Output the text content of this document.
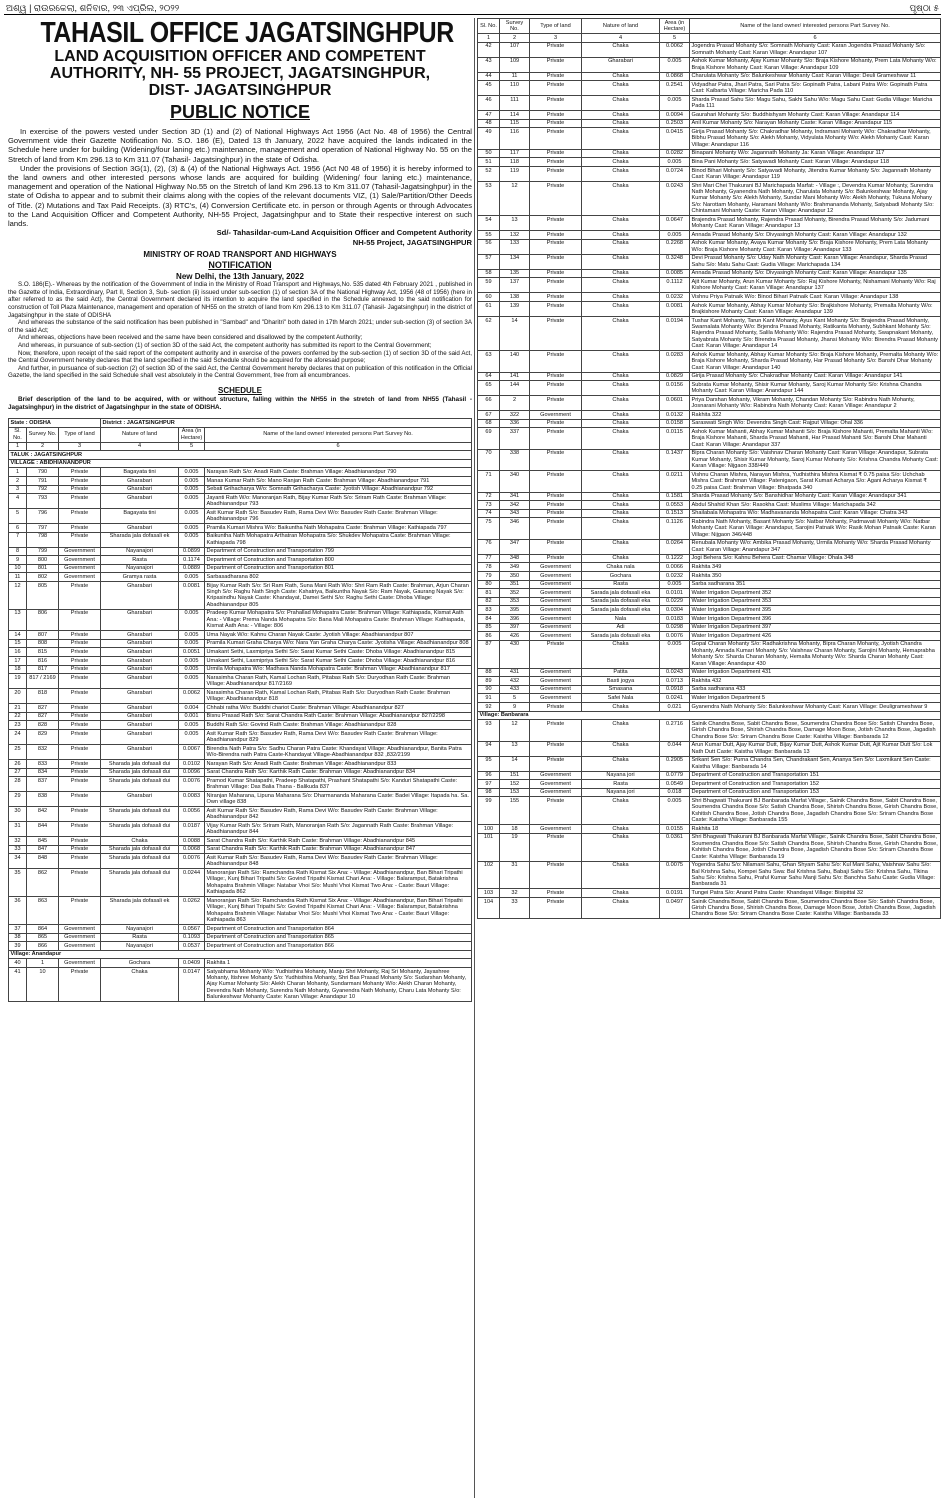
ଅଶ୍ୱ | ରାଉରକେଲା, ଶନିବାର, ୨୩ ଏପ୍ରିଲ, ୨୦୨୨	ପୃଷ୍ଠା ୫
TAHASIL OFFICE JAGATSINGHPUR
LAND ACQUISITION OFFICER AND COMPETENT
AUTHORITY, NH- 55 PROJECT, JAGATSINGHPUR,
DIST- JAGATSINGHPUR
PUBLIC NOTICE

In exercise of the powers vested under Section 3D (1) and (2) of National Highways Act 1956 (Act No. 48 of 1956) the Central Government vide their Gazette Notification No. S.O. 186 (E), Dated 13 th January, 2022 have acquired the lands indicated in the Schedule here under for building (Widening/four laning etc.) maintenance, management and operation of National Highway No. 55 on the Stretch of land from Km 296.13 to Km 311.07 (Tahasil- Jagatsinghpur) in the state of Odisha.

Under the provisions of Section 3G(1), (2), (3) & (4) of the National Highways Act. 1956 (Act N0 48 of 1956) it is hereby informed to the land owners and other interested persons whose lands are acquired for building (Widening/ four laning etc.) maintenance, management and operation of the National Highway No.55 on the Stretch of land Km 296.13 to Km 311.07 (Tahasil-Jagatsinghpur) in the state of Odisha to appear and to submit their claims along with the copies of the relevant documents VIZ, (1) Sale/Partition/Other Deeds of Title. (2) Mutations and Tax Paid Receipts. (3) RTC's, (4) Conversion Certificate etc. in person or through Agents or through Advocates to the Land Acquisition Officer and Competent Authority, NH-55 Project, Jagatsinghpur and to State their respective interest on such lands.

Sd/- Tahasildar-cum-Land Acquisition Officer and Competent Authority

NH-55 Project, JAGATSINGHPUR

MINISTRY OF ROAD TRANSPORT AND HIGHWAYS
NOTIFICATION
New Delhi, the 13th January, 2022

S.O. 186(E).- Whereas by the notification of the Government of India in the Ministry of Road Transport and Highways,No. 535 dated 4th February 2021 , published in the Gazette of India, Extraordinary, Part II, Section 3, Sub- section (ii) issued under sub-section (1) of section 3A of the National Highway Act, 1956 (48 of 1956) (here in after referred to as the said Act), the Central Government declared its intention to acquire the land specified in the Schedule annexed to the said notification for construction of Toll Plaza Maintenance, management and operation of NH55 on the stretch of land from Km 296.13 to Km 311.07 (Tahasil- Jagatsinghpur) in the district of Jagatsinghpur in the state of ODISHA

And whereas the substance of the said notification has been published in "Sambad" and "Dharitri" both dated in 17th March 2021; under sub-section (3) of section 3A of the said Act;

And whereas, objections have been received and the same have been considered and disallowed by the competent Authority;

And whereas, in pursuance of sub-section (1) of section 3D of the said Act, the competent authority has submitted its report to the Central Government;

Now, therefore, upon receipt of the said report of the competent authority and in exercise of the powers conferred by the sub-section (1) of section 3D of the said Act, the Central Government hereby declares that the land specified in the said Schedule should be acquired for the aforesaid purpose;

And further, in pursuance of sub-section (2) of section 3D of the said Act, the Central Government hereby declares that on publication of this notification in the Official Gazette, the land specified in the said Schedule shall vest absolutely in the Central Government, free from all encumbrances.

SCHEDULE

Brief description of the land to be acquired, with or without structure, falling within the NH55 in the stretch of land from NH55 (Tahasil - Jagatsinghpur) in the district of Jagatsinghpur in the state of ODISHA.

State : ODISHA			District : JAGATSINGHPUR		
Sl. No.	Survey No.	Type of land	Nature of land	Area (in Hectare)	Name of the land owner/ interested persons Part Survey No.
1	2	3	4	5	6
TALUK : JAGATSINGHPUR					
VILLAGE : ABIDHIANANDPUR					
1	790	Private	Bagayata tini	0.005	Narayan Rath S/o: Anadi Rath Caste: Brahman Village: Abadhianandpur 790
2	791	Private	Gharabari	0.005	Manas Kumar Rath S/o: Mano Ranjan Rath Caste: Brahman Village: Abadhianandpur 791
3	792	Private	Gharabari	0.005	Sebati Grihacharya W/o: Somnath Grihacharya Caste: Jyotish Village: Abadhianandpur 792
4	793	Private	Gharabari	0.005	Jayanti Rath W/o: Manoranjan Rath, Bijay Kumar Rath S/o: Sriram Rath Caste: Brahman Village: Abadhianandpur 793
5	796	Private	Bagayata tini	0.005	Asit Kumar Rath S/o: Basudev Rath, Rama Devi W/o: Basudev Rath Caste: Brahman Village: Abadhianandpur 796
6	797	Private	Gharabari	0.005	Pramila Kumari Mishra W/o: Baikuntha Nath Mohapatra Caste: Brahman Village: Kathiapada 797
7	798	Private	Sharada jala dofasali ek	0.005	Baikuntha Nath Mohapatra Arthatran Mohapatra S/o: Shukdev Mohapatra Caste: Brahman Village: Kathiapada 798
8	799	Government	Nayanajori	0.0899	Department of Construction and Transportation 799
9	800	Government	Rasta	0.1174	Department of Construction and Transportation 800
10	801	Government	Nayanajori	0.0889	Department of Construction and Transportation 801
11	802	Government	Gramya rasta	0.005	Sarbasadharana 802
12	805	Private	Gharabari	0.0081	Bijay Kumar Rath S/o: Sri Ram Rath, Suna Mani Rath W/o: Shri Ram Rath Caste: Brahman, Arjun Charan Singh S/o: Raghu Nath Singh Caste: Kshatriya, Baikuntha Nayak S/o: Ram Nayak, Gaurang Nayak S/o: Kripasindhu Nayak Caste: Khandayat, Damei Sethi S/o: Raghu Sethi Caste: Dhoba Village: Abadhianandpur 805
13	806	Private	Gharabari	0.005	Pradeep Kumar Mohapatra S/o: Prahallad Mohapatra Caste: Brahman Village: Kathiapada, Kismat Aath Ana: - Village: Prema Nanda Mohapatra S/o: Bana Mali Mohapatra Caste: Brahman Village: Kathiapada, Kismat Aath Ana: - Village: 806
14	807	Private	Gharabari	0.005	Uma Nayak W/o: Kahnu Charan Nayak Caste: Jyotish Village: Abadhianandpur 807
15	808	Private	Gharabari	0.005	Pramila Kumari Graha Charya W/o: Nara Yan Graha Charya Caste: Jyotisha Village: Abadhianandpur 808
16	815	Private	Gharabari	0.0051	Umakant Sethi, Laxmipriya Sethi S/o: Sarat Kumar Sethi Caste: Dhoba Village: Abadhianandpur 815
17	816	Private	Gharabari	0.005	Umakant Sethi, Laxmipriya Sethi S/o: Sarat Kumar Sethi Caste: Dhoba Village: Abadhianandpur 816
18	817	Private	Gharabari	0.005	Urmila Mohapatra W/o: Madhava Nanda Mohapatra Caste: Brahman Village: Abadhianandpur 817
19	817 / 2169	Private	Gharabari	0.005	Narasimha Charan Rath, Kamal Lochan Rath, Pitabas Rath S/o: Duryodhan Rath Caste: Brahman Village: Abadhianandpur 817/2169
20	818	Private	Gharabari	0.0062	Narasimha Charan Rath, Kamal Lochan Rath, Pitabas Rath S/o: Duryodhan Rath Caste: Brahman Village: Abadhianandpur 818
21	827	Private	Gharabari	0.004	Chhabi ratha W/o: Buddhi chariot Caste: Brahman Village: Abadhianandpur 827
22	827	Private	Gharabari	0.001	Bisnu Prasad Rath S/o: Sarat Chandra Rath Caste: Brahman Village: Abadhianandpur 827/2298
23	828	Private	Gharabari	0.005	Buddhi Rath S/o: Govind Rath Caste: Brahman Village: Abadhianandpur 828
24	829	Private	Gharabari	0.005	Asit Kumar Rath S/o: Basudev Rath, Rama Devi W/o: Basudev Rath Caste: Brahman Village: Abadhianandpur 829
25	832	Private	Gharabari	0.0067	Birendra Nath Patra S/o: Sadhu Charan Patra Caste: Khandayat Village: Abadhianandpur, Banita Patra W/o-Birendra nath Patra Caste-Khandayat Village-Abadhianandpur 832 ,832/2199
26	833	Private	Sharada jala dofasali dui	0.0102	Narayan Rath S/o: Anadi Rath Caste: Brahman Village: Abadhianandpur 833
27	834	Private	Sharada jala dofasali dui	0.0096	Sarat Chandra Rath S/o: Karthik Rath Caste: Brahman Village: Abadhianandpur 834
28	837	Private	Sharada jala dofasali dui	0.0076	Pramod Kumar Shatapathi, Pradeep Shatapathi, Prashant Shatapathi S/o: Kanduri Shatapathi Caste: Brahman Village: Das Balia Thana - Balikuda 837
29	838	Private	Gharabari	0.0083	Niranjan Maharana, Lipuna Maharana S/o: Dharmananda Maharana Caste: Badei Village: Itapada ha. Sa. Own village 838
30	842	Private	Sharada jala dofasali dui	0.0056	Asit Kumar Rath S/o: Basudev Rath, Rama Devi W/o: Basudev Rath Caste: Brahman Village: Abadhianandpur 842
31	844	Private	Sharada jala dofasali dui	0.0187	Vijay Kumar Rath S/o: Sriram Rath, Manoranjan Rath S/o: Jagannath Rath Caste: Brahman Village: Abadhianandpur 844
32	845	Private	Chaka	0.0088	Sarat Chandra Rath S/o: Karthik Rath Caste: Brahman Village: Abadhianandpur 845
33	847	Private	Sharada jala dofasali dui	0.0068	Sarat Chandra Rath S/o: Karthik Rath Caste: Brahman Village: Abadhianandpur 847
34	848	Private	Sharada jala dofasali dui	0.0076	Asit Kumar Rath S/o: Basudev Rath, Rama Devi W/o: Basudev Rath Caste: Brahman Village: Abadhianandpur 848
35	862	Private	Sharada jala dofasali dui	0.0244	Manoranjan Rath S/o: Ramchandra Rath Kismat Six Ana: - Village: Abadhianandpur, Ban Bihari Tripathi Village:, Kunj Bihari Tripathi S/o: Govind Tripathi Kismat Chari Ana: - Village: Balaramput, Batakrishna Mohapatra Brahmin Village: Natabar Vhoi S/o: Mushi Vhoi Kismat Two Ana: - Caste: Bauri Village: Kathiapada 862
36	863	Private	Sharada jala dofasali ek	0.0262	Manoranjan Rath S/o: Ramchandra Rath Kismat Six Ana: - Village: Abadhianandpur, Ban Bihari Tripathi Village:, Kunj Bihari Tripathi S/o: Govind Tripathi Kismat Chari Ana: - Village: Balarampur, Batakrishna Mohapatra Brahmin Village: Natabar Vhoi S/o: Mushi Vhoi Kismat Two Ana: - Caste: Bauri Village: Kathiapada 863
37	864	Government	Nayanajori	0.0567	Department of Construction and Transportation 864
38	865	Government	Rasta	0.1093	Department of Construction and Transportation 865
39	866	Government	Nayanajori	0.0537	Department of Construction and Transportation 866
Village: Anandapur					
40	1	Government	Gochara	0.0409	Rakhita 1
41	10	Private	Chaka	0.0147	Satyabhama Mohanty W/o: Yudhisthira Mohanty, Manju Shri Mohanty, Raj Sri Mohanty, Jayashree Mohanty, Itishree Mohanty S/o: Yudhisthira Mohanty, Shri Bas Prasad Mohanty S/o: Sudarshan Mohanty, Ajay Kumar Mohanty S/o: Alekh Charan Mohanty, Sundarmani Mohanty W/o: Alekh Charan Mohanty, Devendra Nath Mohanty, Surendra Nath Mohanty, Gyanendra Nath Mohanty, Charu Lata Mohanty S/o: Balunkeshwar Mohanty Caste: Karan Village: Anandapur 10
Sl. No.	Survey No.	Type of land	Nature of land	Area (in Hectare)	Name of the land owner/ interested persons Part Survey No.
1	2	3	4	5	6
42	107	Private	Chaka	0.0062	Jogendra Prasad Mohanty S/o: Somnath Mohanty Cast: Karan Jogendra Prasad Mohanty S/o: Somnath Mohanty Cast: Karan Village: Anandapur 107
43	109	Private	Gharabari	0.005	Ashok Kumar Mohanty, Ajay Kumar Mohanty S/o: Braja Kishore Mohanty, Prem Lata Mohanty W/o: Braja Kishore Mohanty Cast: Karan Village: Anandapur 109
44	11	Private	Chaka	0.0868	Charulata Mohanty S/o: Balunkeshwar Mohanty Cast: Karan Village: Deuli Grameshwar 11
45	110	Private	Chaka	0.2541	Vidyadhar Patra, Jhari Patra, Sari Patra S/o: Gopinath Patra, Labani Patra W/o: Gopinath Patra Cast: Kaibarta Village: Maricha Pada 110
46	111	Private	Chaka	0.005	Sharda Prasad Sahu S/o: Magu Sahu, Sakhi Sahu W/o: Magu Sahu Cast: Gudia Village: Maricha Pada 111
47	114	Private	Chaka	0.0094	Gaurahari Mohanty S/o: Buddhishyam Mohanty Cast: Karan Village: Anandapur 114
48	115	Private	Chaka	0.2503	Anil Kumar Mohanty S/o: Narayan Mohanty Caste: Karan Village: Anandapur 115
49	116	Private	Chaka	0.0415	Girija Prasad Mohanty S/o: Chakradhar Mohanty, Indramani Mohanty W/o: Chakradhar Mohanty, Bibhu Prasad Mohanty S/o: Alekh Mohanty, Vidyulata Mohanty W/o: Alekh Mohanty Cast: Karan Village: Anandapur 116
50	117	Private	Chaka	0.0282	Binapani Mohanty W/o: Jagannath Mohanty Ja: Karan Village: Anandapur 117
51	118	Private	Chaka	0.005	Bina Pani Mohanty S/o: Satyavadi Mohanty Cast: Karan Village: Anandapur 118
52	119	Private	Chaka	0.0724	Binod Bihari Mohanty S/o: Satyavadi Mohanty, Jitendra Kumar Mohanty S/o: Jagannath Mohanty Cast: Karan Village: Anandapur 119
53	12	Private	Chaka	0.0243	Shri Mari Chei Thakurani BJ Marichapada Marfat: - Village :, Devendra Kumar Mohanty, Surendra Nath Mohanty, Gyanendra Nath Mohanty, Charulata Mohanty S/o: Balunkeshwar Mohanty, Ajay Kumar Mohanty S/o: Alekh Mohanty, Sundar Mani Mohanty W/o: Alekh Mohanty, Tukuna Mohany S/o: Narottam Mohanty, Haramani Mohanty W/o: Brahmananda Mohanty, Satyabadi Mohanty S/o: Chintamani Mohanty Caste: Karan Village: Anandapur 12
54	13	Private	Chaka	0.0647	Brajendra Prasad Mohanty, Rajendra Prasad Mohanty, Birendra Prasad Mohanty S/o: Jadumani Mohanty Cast: Karan Village: Anandapur 13
55	132	Private	Chaka	0.005	Annada Prasad Mohanty S/o: Divyasingh Mohanty Cast: Karan Village: Anandapur 132
56	133	Private	Chaka	0.2268	Ashok Kumar Mohanty, Avaya Kumar Mohanty S/o: Braja Kishore Mohanty, Prem Lata Mohanty W/o: Braja Kishore Mohanty Cast: Karan Village: Anandapur 133
57	134	Private	Chaka	0.3248	Devi Prasad Mohanty S/o: Uday Nath Mohanty Cast: Karan Village: Anandapur, Sharda Prasad Sahu S/o: Matu Sahu Cast: Gudia Village: Marichapada 134
58	135	Private	Chaka	0.0085	Annada Prasad Mohanty S/o: Divyasingh Mohanty Cast: Karan Village: Anandapur 135
59	137	Private	Chaka	0.1112	Ajit Kumar Mohanty, Arun Kumar Mohanty S/o: Raj Kishore Mohanty, Nishamani Mohanty W/o: Raj Kishore Mohanty Cast: Karan Village: Anandapur 137
60	138	Private	Chaka	0.0232	Vishnu Priya Patnaik W/o: Binod Bihari Patnaik Cast: Karan Village: Anandapur 138
61	139	Private	Chaka	0.0081	Ashok Kumar Mohanty, Abhay Kumar Mohanty S/o: Brajkishore Mohanty, Premalta Mohanty W/o: Brajkishore Mohanty Cast: Karan Village: Anandapur 139
62	14	Private	Chaka	0.0194	Tushar Kant Mohanty, Tarun Kant Mohanty, Ayus Kant Mohanty S/o: Brajendra Prasad Mohanty, Swarnalata Mohanty W/o: Brjendra Prasad Mohanty, Ratikanta Mohanty, Subhkant Mohanty S/o: Rajendra Prasad Mohanty, Salila Mohanty W/o: Rajendra Prasad Mohanty, Swapnakant Mohanty, Satyabrata Mohanty S/o: Birendra Prasad Mohanty, Jhansi Mohanty W/o: Birendra Prasad Mohanty Cast: Karan Village: Anandapur 14
63	140	Private	Chaka	0.0283	Ashok Kumar Mohanty, Abhay Kumar Mohanty S/o: Braja Kishore Mohanty, Premalta Mohanty W/o: Braja Kishore Mohanty, Sharda Prasad Mohanty, Har Prasad Mohanty S/o: Banshi Dhar Mohanty Cast: Karan Village: Anandapur 140
64	141	Private	Chaka	0.0829	Girija Prasad Mohanty S/o: Chakradhar Mohanty Cast: Karan Village: Anandapur 141
65	144	Private	Chaka	0.0156	Subrata Kumar Mohanty, Shisir Kumar Mohanty, Saroj Kumar Mohanty S/o: Krishna Chandra Mohanty Cast: Karan Village: Anandapur 144
66	2	Private	Chaka	0.0601	Priya Darshan Mohanty, Vikram Mohanty, Chandan Mohanty S/o: Rabindra Nath Mohanty, Josnarani Mohanty W/o: Rabindra Nath Mohanty Cast: Karan Village: Anandapur 2
67	322	Government	Chaka	0.0132	Rakhita 322
68	336	Private	Chaka	0.0158	Saraswati Singh W/o: Devendra Singh Cast: Rajput Village: Ohal 336
69	337	Private	Chaka	0.0115	Ashok Kumar Mahanti, Abhay Kumar Mahanti S/o: Braja Kishore Mahanti, Premalta Mahanti W/o: Braja Kishore Mahanti, Sharda Prasad Mahanti, Har Prasad Mahanti S/o: Banshi Dhar Mahanti Cast: Karan Village: Anandapur 337
70	338	Private	Chaka	0.1437	Bipra Charan Mohanty S/o: Vaishnav Charan Mohanty Cast: Karan Village: Anandapur, Subrata Kumar Mohanty, Shisir Kumar Mohanty, Saroj Kumar Mohanty S/o: Krishna Chandra Mohanty Cast: Karan Village: Nijgaon 338/449
71	340	Private	Chaka	0.0211	Vishnu Charan Mishra, Narayan Mishra, Yudhisthira Mishra Kismat ₹ 0.75 paisa S/o: Uchchab Mishra Cast: Brahman Village: Patenigaon, Sarat Kumari Acharya S/o: Agani Acharya Kismat ₹ 0.25 paisa Cast: Brahman Village: Bhatpada 340
72	341	Private	Chaka	0.1581	Sharda Prasad Mohanty S/o: Banshidhar Mohanty Cast: Karan Village: Anandapur 341
73	342	Private	Chaka	0.0553	Abdul Shahid Khan S/o: Rasokha Cast: Muslims Village: Marichapada 342
74	343	Private	Chaka	0.1513	Shailabala Mohapatra W/o: Madhavananda Mohapatra Cast: Karan Village: Chatra 343
75	346	Private	Chaka	0.1126	Rabindra Nath Mohanty, Basant Mohanty S/o: Natbar Mohanty, Padmavati Mohanty W/o: Natbar Mohanty Cast: Karan Village: Anandapur, Sarojini Patnaik W/o: Rasik Mohan Patnaik Caste: Karan Village: Nijgaon 346/448
76	347	Private	Chaka	0.0264	Renubala Mohanty W/o: Ambika Prasad Mohanty, Urmila Mohanty W/o: Sharda Prasad Mohanty Cast: Karan Village: Anandapur 347
77	348	Private	Chaka	0.1222	Jogi Behera S/o: Kahnu Behera Cast: Chamar Village: Ohala 348
78	349	Government	Chaka nala	0.0066	Rakhita 349
79	350	Government	Gochara	0.0232	Rakhita 350
80	351	Government	Rasta	0.005	Sarba sadharana 351
81	352	Government	Sarada jala dofasali eka	0.0101	Water Irrigation Department 352
82	353	Government	Sarada jala dofasali eka	0.0229	Water Irrigation Department 353
83	395	Government	Sarada jala dofasali eka	0.0304	Water Irrigation Department 395
84	396	Government	Nala	0.0183	Water Irrigation Department 396
85	397	Government	Adi	0.0298	Water Irrigation Department 397
86	426	Government	Sarada jala dofasali eka	0.0076	Water Irrigation Department 426
87	430	Private	Chaka	0.005	Gopal Charan Mohanty S/o: Radhakrishna Mohanty, Bipra Charan Mohanty, Jyotish Chandra Mohanty, Annada Kumari Mohanty S/o: Vaishnav Charan Mohanty, Sarojini Mohanty, Hemaprabha Mohanty S/o: Sharda Charan Mohanty, Hemalta Mohanty W/o: Sharda Charan Mohanty Cast: Karan Village: Anandapur 430
88	431	Government	Patita	0.0243	Water Irrigation Department 431
89	432	Government	Basti jogya	0.0713	Rakhita 432
90	433	Government	Smasana	0.0918	Sarba sadharana 433
91	5	Government	Safei Nala	0.0241	Water Irrigation Department 5
92	9	Private	Chaka	0.021	Gyanendra Nath Mohanty S/o: Balunkeshwar Mohanty Cast: Karan Village: Deuligrameshwar 9
Village: Banbarara					
93	12	Private	Chaka	0.2716	Sainik Chandra Bose, Sabit Chandra Bose, Soumendra Chandra Bose S/o: Satish Chandra Bose, Girish Chandra Bose, Shirish Chandra Bose, Damage Moon Bose, Jotish Chandra Bose, Jagadish Chandra Bose S/o: Sriram Chandra Bose Caste: Kaistha Village: Banbarada 12
94	13	Private	Chaka	0.044	Arun Kumar Dutt, Ajay Kumar Dutt, Bijay Kumar Dutt, Ashok Kumar Dutt, Ajit Kumar Dutt S/o: Lok Nath Dutt Caste: Kaistha Village: Banbarada 13
95	14	Private	Chaka	0.2905	Srikant Sen S/o: Purna Chandra Sen, Chandrakant Sen, Ananya Sen S/o: Laxmikant Sen Caste: Kaistha Village: Banbarada 14
96	151	Government	Nayana jori	0.0779	Department of Construction and Transportation 151
97	152	Government	Rasta	0.0549	Department of Construction and Transportation 152
98	153	Government	Nayana jori	0.018	Department of Construction and Transportation 153
99	155	Private	Chaka	0.005	Shri Bhagwati Thakurani BJ Banbarada Marfat Village:, Sainik Chandra Bose, Sabit Chandra Bose, Soumendra Chandra Bose S/o: Satish Chandra Bose, Shirish Chandra Bose, Girish Chandra Bose, Kshitish Chandra Bose, Jotish Chandra Bose, Jagadish Chandra Bose S/o: Sriram Chandra Bose Caste: Kaistha Village: Banbarada 155
100	18	Government	Chaka	0.0155	Rakhita 18
101	19	Private	Chaka	0.0361	Shri Bhagwati Thakurani BJ Banbarada Marfat Village:, Sainik Chandra Bose, Sabit Chandra Bose, Soumendra Chandra Bose S/o: Satish Chandra Bose, Shirish Chandra Bose, Girish Chandra Bose, Kshitish Chandra Bose, Jotish Chandra Bose, Jagadish Chandra Bose S/o: Sriram Chandra Bose Caste: Kaistha Village: Banbarada 19
102	31	Private	Chaka	0.0075	Yogendra Sahu S/o: Nilamani Sahu, Ghan Shyam Sahu S/o: Kul Mani Sahu, Vaishnav Sahu S/o: Bal Krishna Sahu, Kompei Sahu Swa: Bal Krishna Sahu, Babaji Sahu S/o: Krishna Sahu, Tikina Sahu S/o: Krishna Sahu, Praful Kumar Sahu Manji Sahu S/o: Banchha Sahu Caste: Gudia Village: Banbarada 31
103	32	Private	Chaka	0.0191	Tungei Patra S/o: Anand Patra Caste: Khandayat Village: Bisipittal 32
104	33	Private	Chaka	0.0497	Sainik Chandra Bose, Sabit Chandra Bose, Soumendra Chandra Bose S/o: Satish Chandra Bose, Girish Chandra Bose, Shirish Chandra Bose, Damage Moon Bose, Jotish Chandra Bose, Jagadish Chandra Bose S/o: Sriram Chandra Bose Caste: Kaistha Village: Banbarada 33
